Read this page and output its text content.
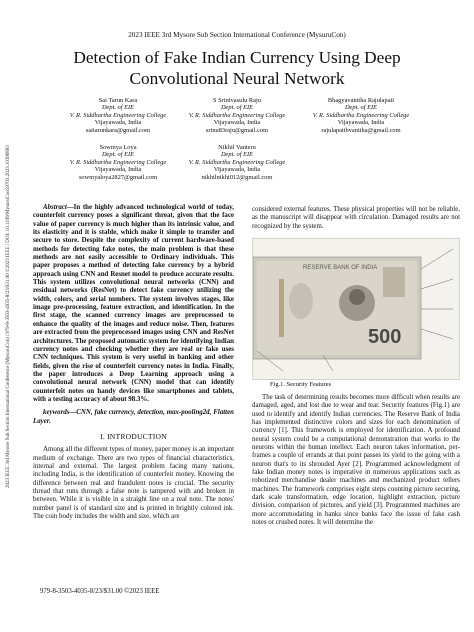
2023 IEEE 3rd Mysore Sub Section International Conference (MysuruCon)
2023 IEEE 3rd Mysore Sub Section International Conference (MysuruCon) | 979-8-3503-4035-8/23/$31.00 ©2023 IEEE | DOI: 10.1109/MysuruCon59703.2023.10396893
Detection of Fake Indian Currency Using Deep Convolutional Neural Network
Sai Tarun Kara
Dept. of EIE
V. R. Siddhartha Engineering College
Vijayawada, India
saitarunkara@gmail.com
S Srinivasulu Raju
Dept. of EIE
V. R. Siddhartha Engineering College
Vijayawada, India
srinu83raju@gmail.com
Bhagyavanitha Rajulapati
Dept. of EIE
V. R. Siddhartha Engineering College
Vijayawada, India
rajulapatibvanitha@gmail.com
Sowmya Loya
Dept. of EIE
V. R. Siddhartha Engineering College
Vijayawada, India
sowmyaloya2827@gmail.com
Nikhil Vanteru
Dept. of EIE
V. R. Siddhartha Engineering College
Vijayawada, India
nikhilnikhi012@gmail.com
Abstract—In the highly advanced technological world of today, counterfeit currency poses a significant threat, given that the face value of paper currency is much higher than its intrinsic value, and its elasticity and it is stable, which make it simple to transfer and secure to store. Despite the complexity of current hardware-based methods for detecting fake notes, the main problem is that these methods are not easily accessible to Ordinary individuals. This paper proposes a method of detecting fake currency by a hybrid approach using CNN and Resnet model to produce accurate results. This system utilizes convolutional neural networks (CNN) and residual networks (ResNet) to detect fake currency utilizing the width, colors, and serial numbers. The system involves stages, like image pre-processing, feature extraction, and identification. In the first stage, the scanned currency images are preprocessed to enhance the quality of the images and reduce noise. Then, features are extracted from the preprocessed images using CNN and ResNet architectures. The proposed automatic system for identifying Indian currency notes and checking whether they are real or fake uses CNN techniques. This system is very useful in banking and other fields, given the rise of counterfeit currency notes in India. Finally, the paper introduces a Deep Learning approach using a convolutional neural network (CNN) model that can identify counterfeit notes on handy devices like smartphones and tablets, with a testing accuracy of about 98.3%.
keywords—CNN, fake currency, detection, max-pooling2d, Flatten Layer.
I. INTRODUCTION
Among all the different types of money, paper money is an important medium of exchange. There are two types of financial characteristics, internal and external. The largest problem facing many nations, including India, is the identification of counterfeit money. Knowing the difference between real and fraudulent notes is crucial. The security thread that runs through a false note is tampered with and broken in between. While it is visible in a straight line on a real note. The notes' number panel is of standard size and is printed in brightly colored ink. The coin body includes the width and size, which are
considered external features. These physical properties will not be reliable, as the manuscript will disappear with circulation. Damaged results are not recognized by the system.
500
RESERVE BANK OF INDIA
Fig.1. Security Features
The task of determining results becomes more difficult when results are damaged, aged, and lost due to wear and tear. Security features (Fig.1) are used to identify and identify Indian currencies. The Reserve Bank of India has implemented distinctive colors and sizes for each denomination of currency [1]. This framework is employed for identification. A profound neural system could be a computational demonstration that works to the neurons within the human intellect. Each neuron takes information, per-frames a couple of errands at that point passes its yield to the going with a neuron that's to its shrouded Ayer [2]. Programmed acknowledgment of fake Indian money notes is imperative in numerous applications such as robotized merchandise dealer machines and mechanized product tellers machines. The framework comprises eight steps counting picture securing, dark scale transformation, edge location, highlight extraction, picture division, comparison of pictures, and yield [3]. Programmed machines are more accommodating in banks since banks face the issue of fake cash notes or crushed notes. It will determine the
979-8-3503-4035-8/23/$31.00 ©2023 IEEE
